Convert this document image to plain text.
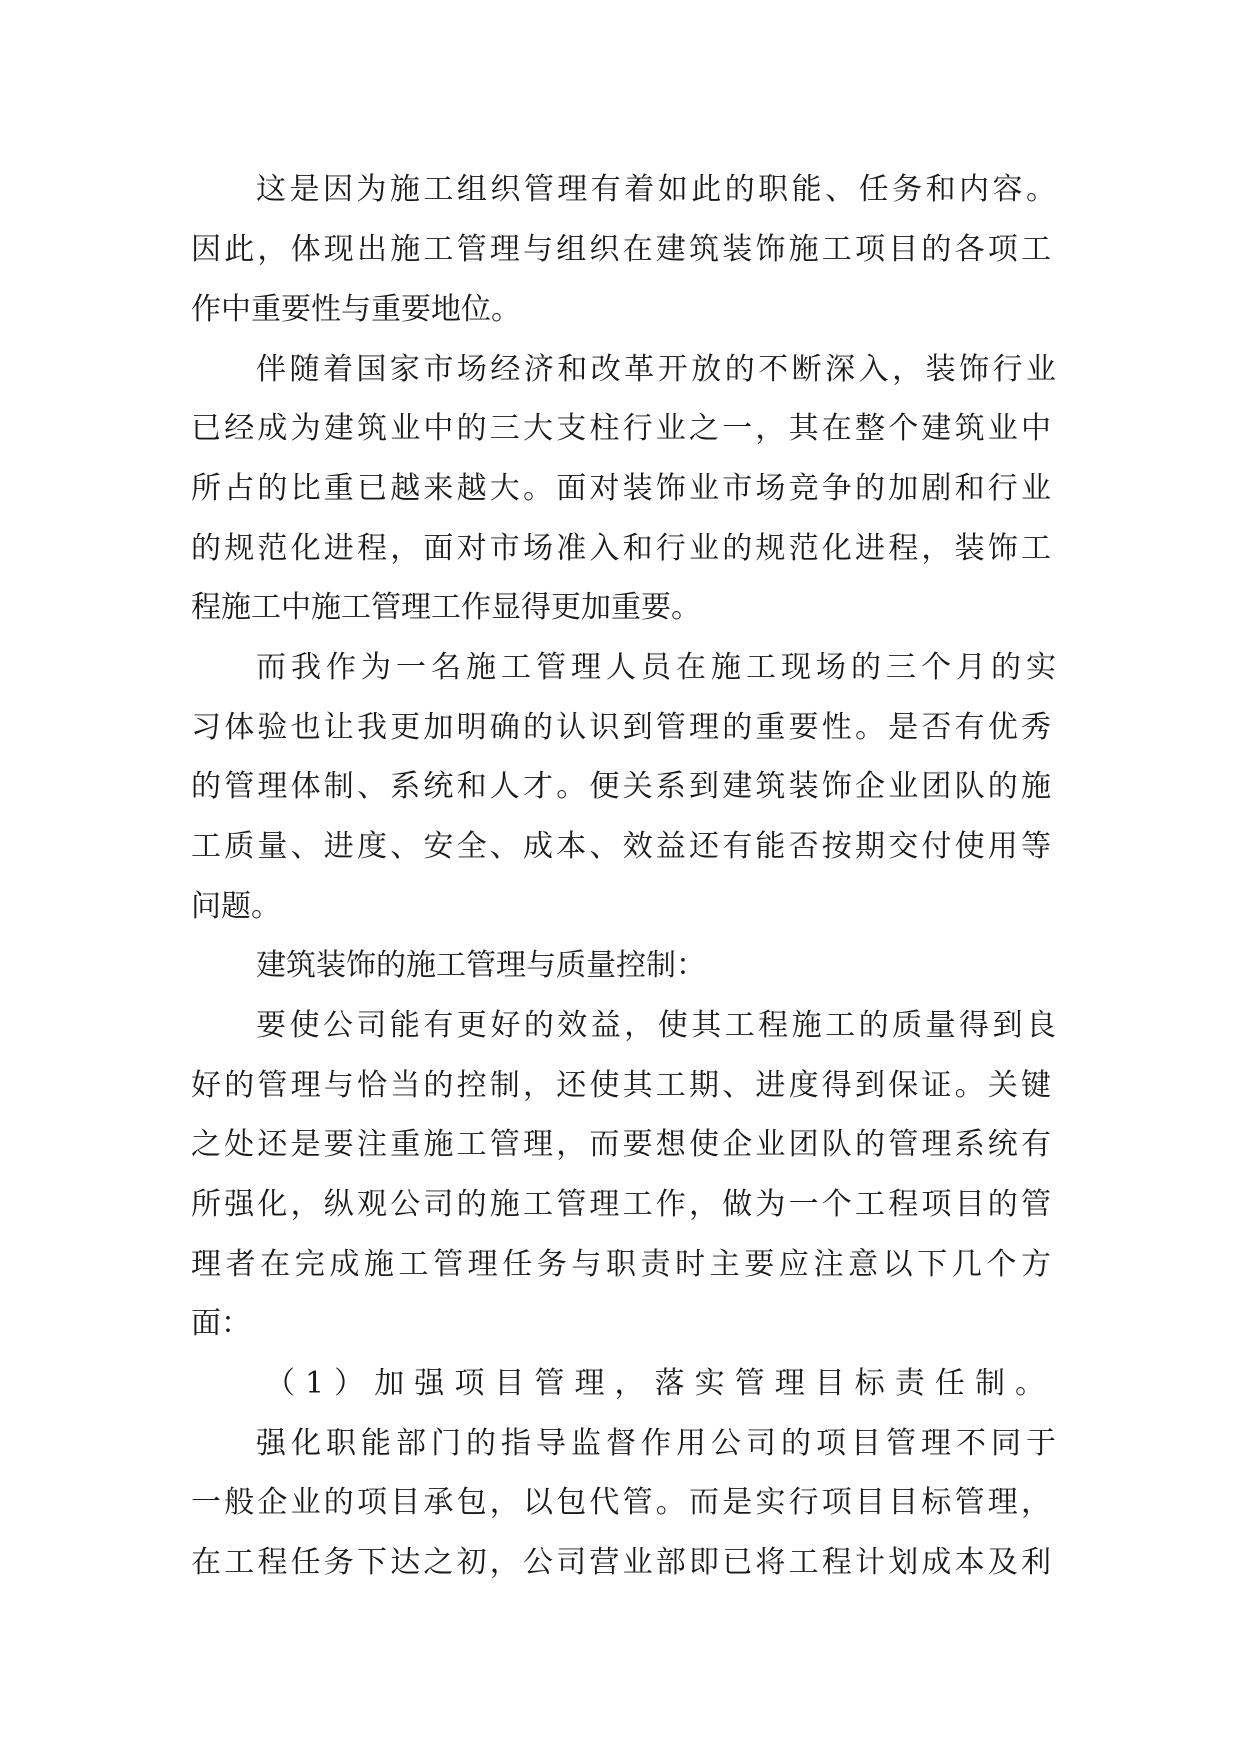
这是因为施工组织管理有着如此的职能、任务和内容。
因此，体现出施工管理与组织在建筑装饰施工项目的各项工
作中重要性与重要地位。
伴随着国家市场经济和改革开放的不断深入，装饰行业
已经成为建筑业中的三大支柱行业之一，其在整个建筑业中
所占的比重已越来越大。面对装饰业市场竞争的加剧和行业
的规范化进程，面对市场准入和行业的规范化进程，装饰工
程施工中施工管理工作显得更加重要。
而我作为一名施工管理人员在施工现场的三个月的实
习体验也让我更加明确的认识到管理的重要性。是否有优秀
的管理体制、系统和人才。便关系到建筑装饰企业团队的施
工质量、进度、安全、成本、效益还有能否按期交付使用等
问题。
建筑装饰的施工管理与质量控制：
要使公司能有更好的效益，使其工程施工的质量得到良
好的管理与恰当的控制，还使其工期、进度得到保证。关键
之处还是要注重施工管理，而要想使企业团队的管理系统有
所强化，纵观公司的施工管理工作，做为一个工程项目的管
理者在完成施工管理任务与职责时主要应注意以下几个方
面：
（1）加强项目管理，落实管理目标责任制。
强化职能部门的指导监督作用公司的项目管理不同于
一般企业的项目承包，以包代管。而是实行项目目标管理，
在工程任务下达之初，公司营业部即已将工程计划成本及利
